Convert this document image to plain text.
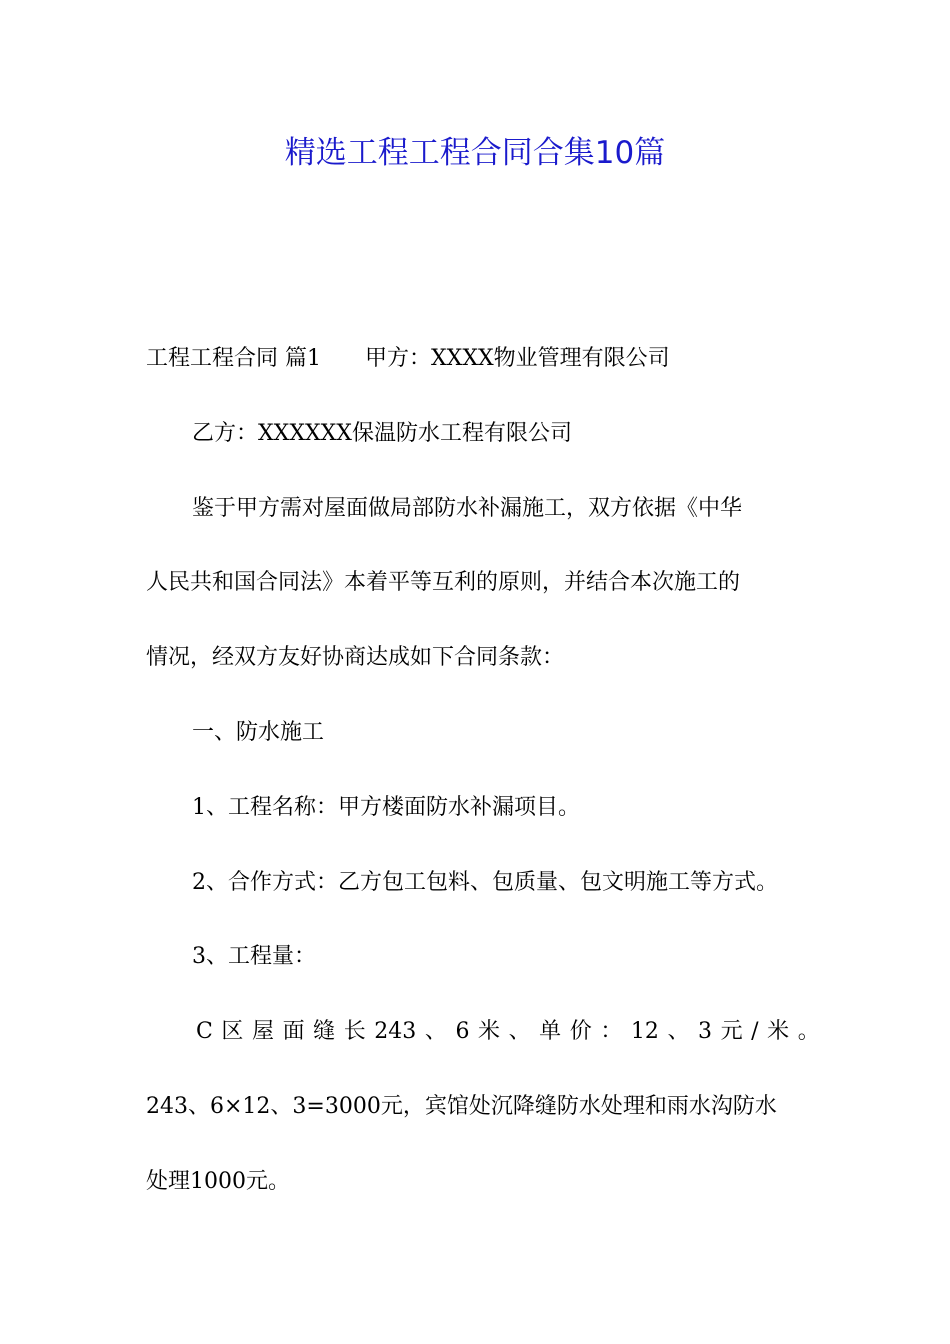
精选工程工程合同合集10篇
工程工程合同 篇1 甲方：XXXX物业管理有限公司
乙方：XXXXXX保温防水工程有限公司
鉴于甲方需对屋面做局部防水补漏施工，双方依据《中华
人民共和国合同法》本着平等互利的原则，并结合本次施工的
情况，经双方友好协商达成如下合同条款：
一、防水施工
1、工程名称：甲方楼面防水补漏项目。
2、合作方式：乙方包工包料、包质量、包文明施工等方式。
3、工程量：
C 区 屋 面 缝 长 243 、 6 米 、 单 价 ： 12 、 3 元 / 米 。
243、6×12、3=3000元，宾馆处沉降缝防水处理和雨水沟防水
处理1000元。
